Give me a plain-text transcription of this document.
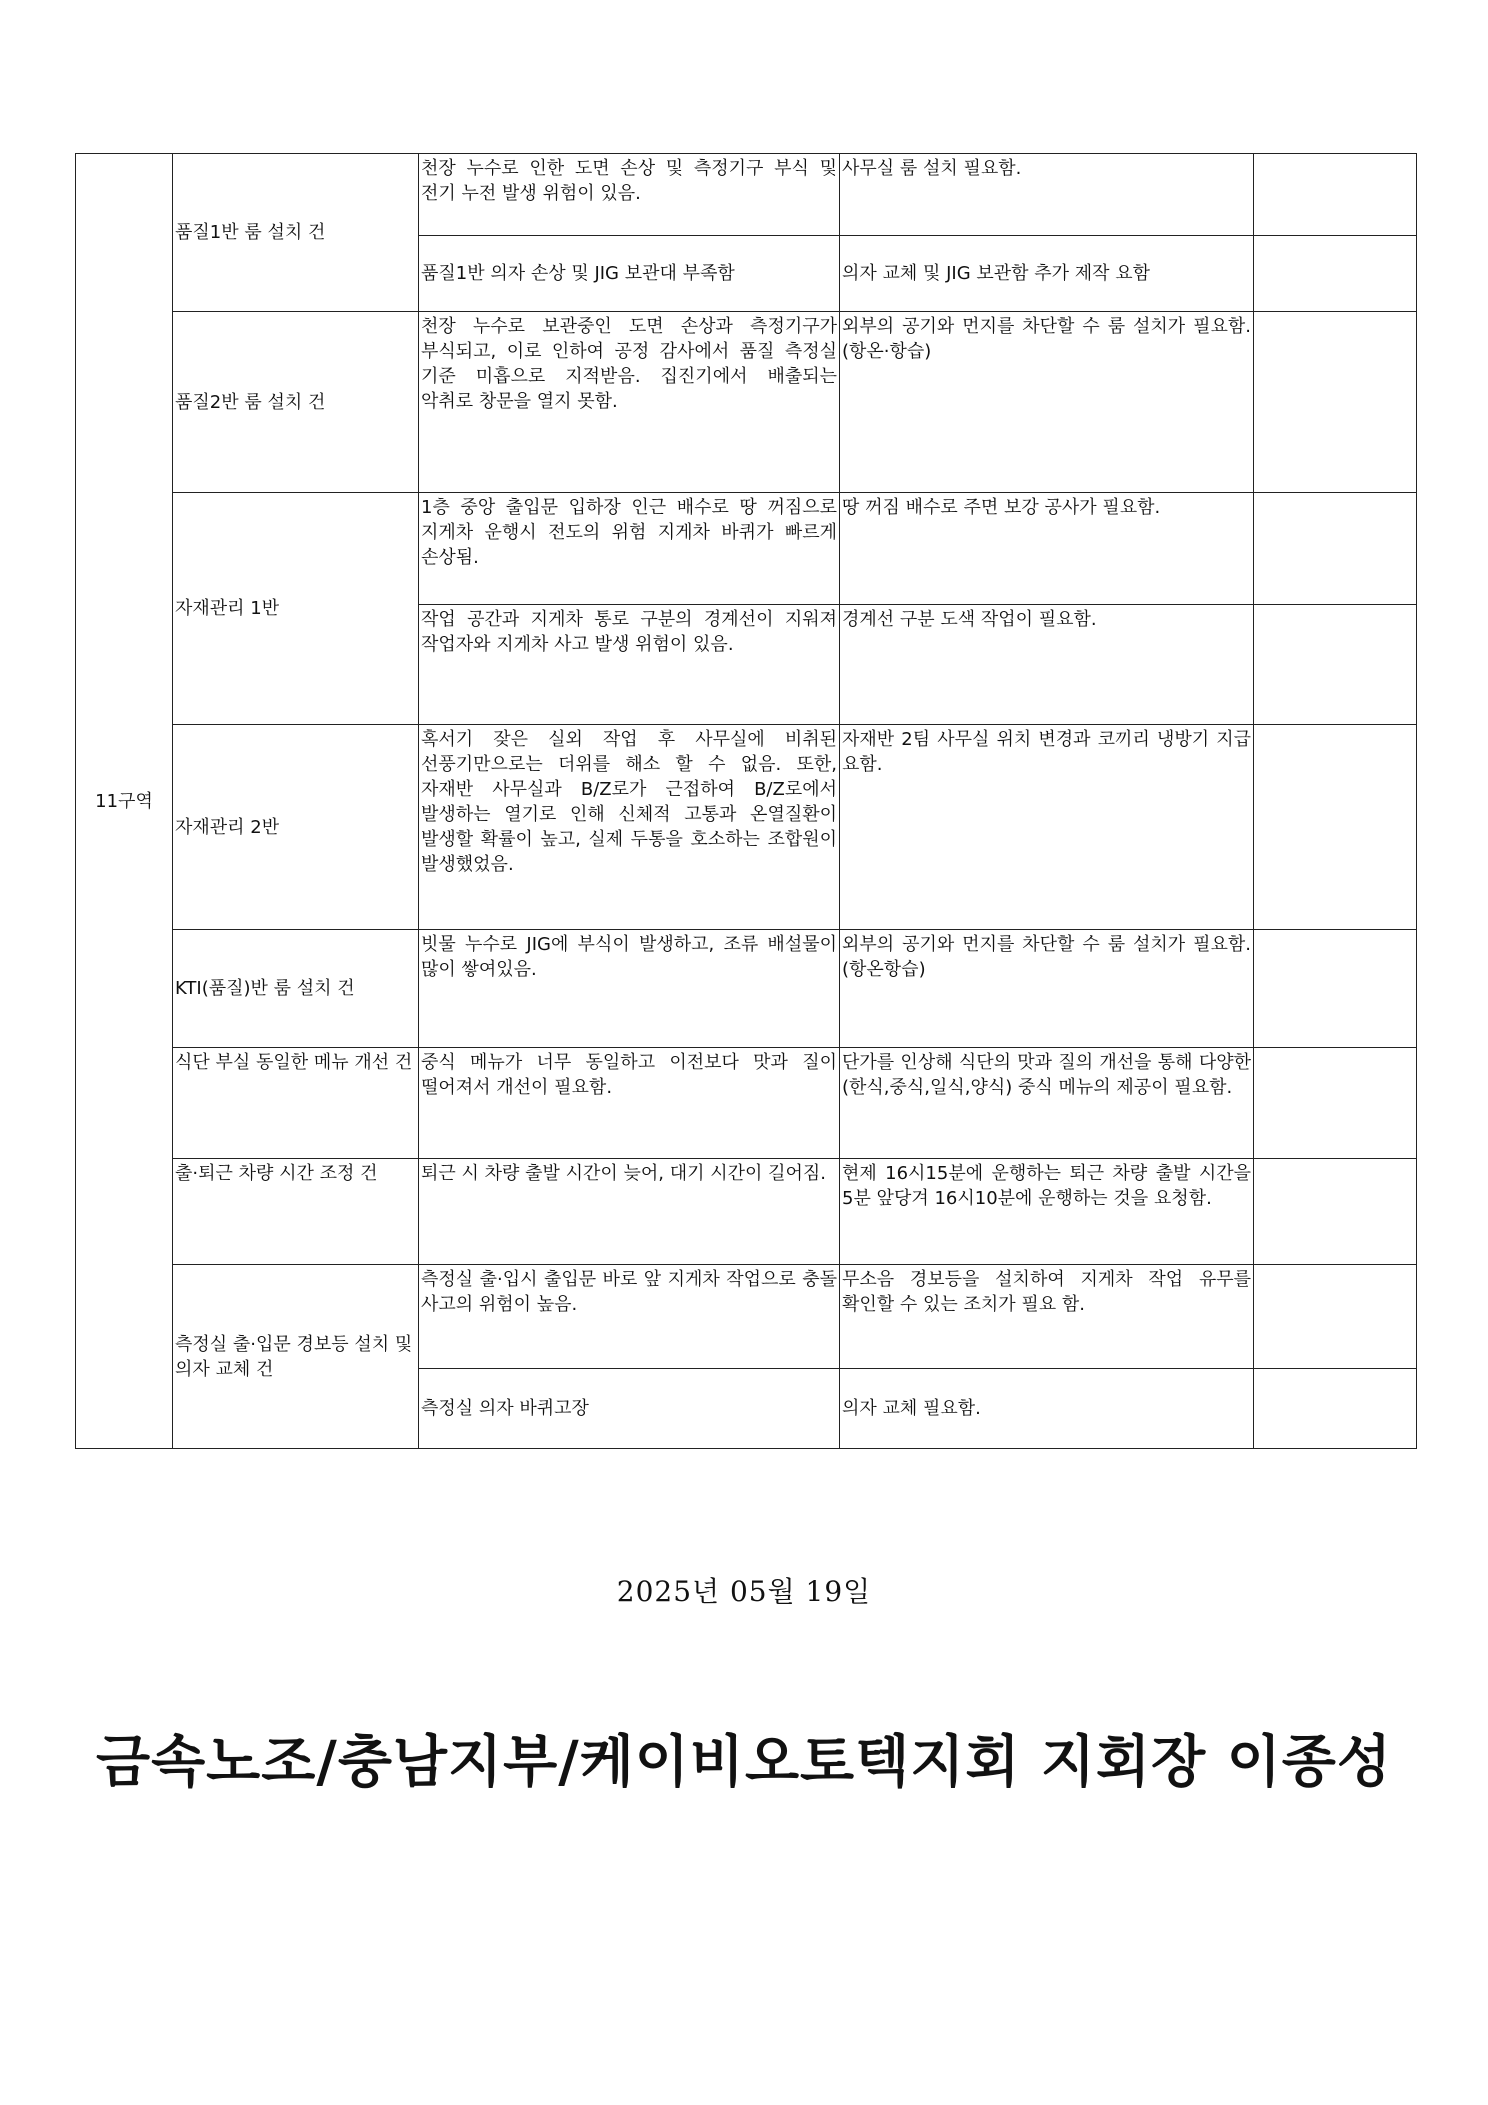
11구역	품질1반 룸 설치 건	천장 누수로 인한 도면 손상 및 측정기구 부식 및 전기 누전 발생 위험이 있음.	사무실 룸 설치 필요함.	
		품질1반 의자 손상 및 JIG 보관대 부족함	의자 교체 및 JIG 보관함 추가 제작 요함	
	품질2반 룸 설치 건	천장 누수로 보관중인 도면 손상과 측정기구가 부식되고, 이로 인하여 공정 감사에서 품질 측정실 기준 미흡으로 지적받음. 집진기에서 배출되는 악취로 창문을 열지 못함.	외부의 공기와 먼지를 차단할 수 룸 설치가 필요함.(항온·항습)	
	자재관리 1반	1층 중앙 출입문 입하장 인근 배수로 땅 꺼짐으로 지게차 운행시 전도의 위험 지게차 바퀴가 빠르게 손상됨.	땅 꺼짐 배수로 주면 보강 공사가 필요함.	
		작업 공간과 지게차 통로 구분의 경계선이 지워져 작업자와 지게차 사고 발생 위험이 있음.	경계선 구분 도색 작업이 필요함.	
	자재관리 2반	혹서기 잦은 실외 작업 후 사무실에 비취된 선풍기만으로는 더위를 해소 할 수 없음. 또한, 자재반 사무실과 B/Z로가 근접하여 B/Z로에서 발생하는 열기로 인해 신체적 고통과 온열질환이 발생할 확률이 높고, 실제 두통을 호소하는 조합원이 발생했었음.	자재반 2팀 사무실 위치 변경과 코끼리 냉방기 지급 요함.	
	KTI(품질)반 룸 설치 건	빗물 누수로 JIG에 부식이 발생하고, 조류 배설물이 많이 쌓여있음.	외부의 공기와 먼지를 차단할 수 룸 설치가 필요함.(항온항습)	
	식단 부실 동일한 메뉴 개선 건	중식 메뉴가 너무 동일하고 이전보다 맛과 질이 떨어져서 개선이 필요함.	단가를 인상해 식단의 맛과 질의 개선을 통해 다양한(한식,중식,일식,양식) 중식 메뉴의 제공이 필요함.	
	출·퇴근 차량 시간 조정 건	퇴근 시 차량 출발 시간이 늦어, 대기 시간이 길어짐.	현제 16시15분에 운행하는 퇴근 차량 출발 시간을 5분 앞당겨 16시10분에 운행하는 것을 요청함.	
	측정실 출·입문 경보등 설치 및 의자 교체 건	측정실 출·입시 출입문 바로 앞 지게차 작업으로 충돌 사고의 위험이 높음.	무소음 경보등을 설치하여 지게차 작업 유무를 확인할 수 있는 조치가 필요 함.	
		측정실 의자 바퀴고장	의자 교체 필요함.	
2025년 05월 19일
금속노조/충남지부/케이비오토텍지회 지회장 이종성
